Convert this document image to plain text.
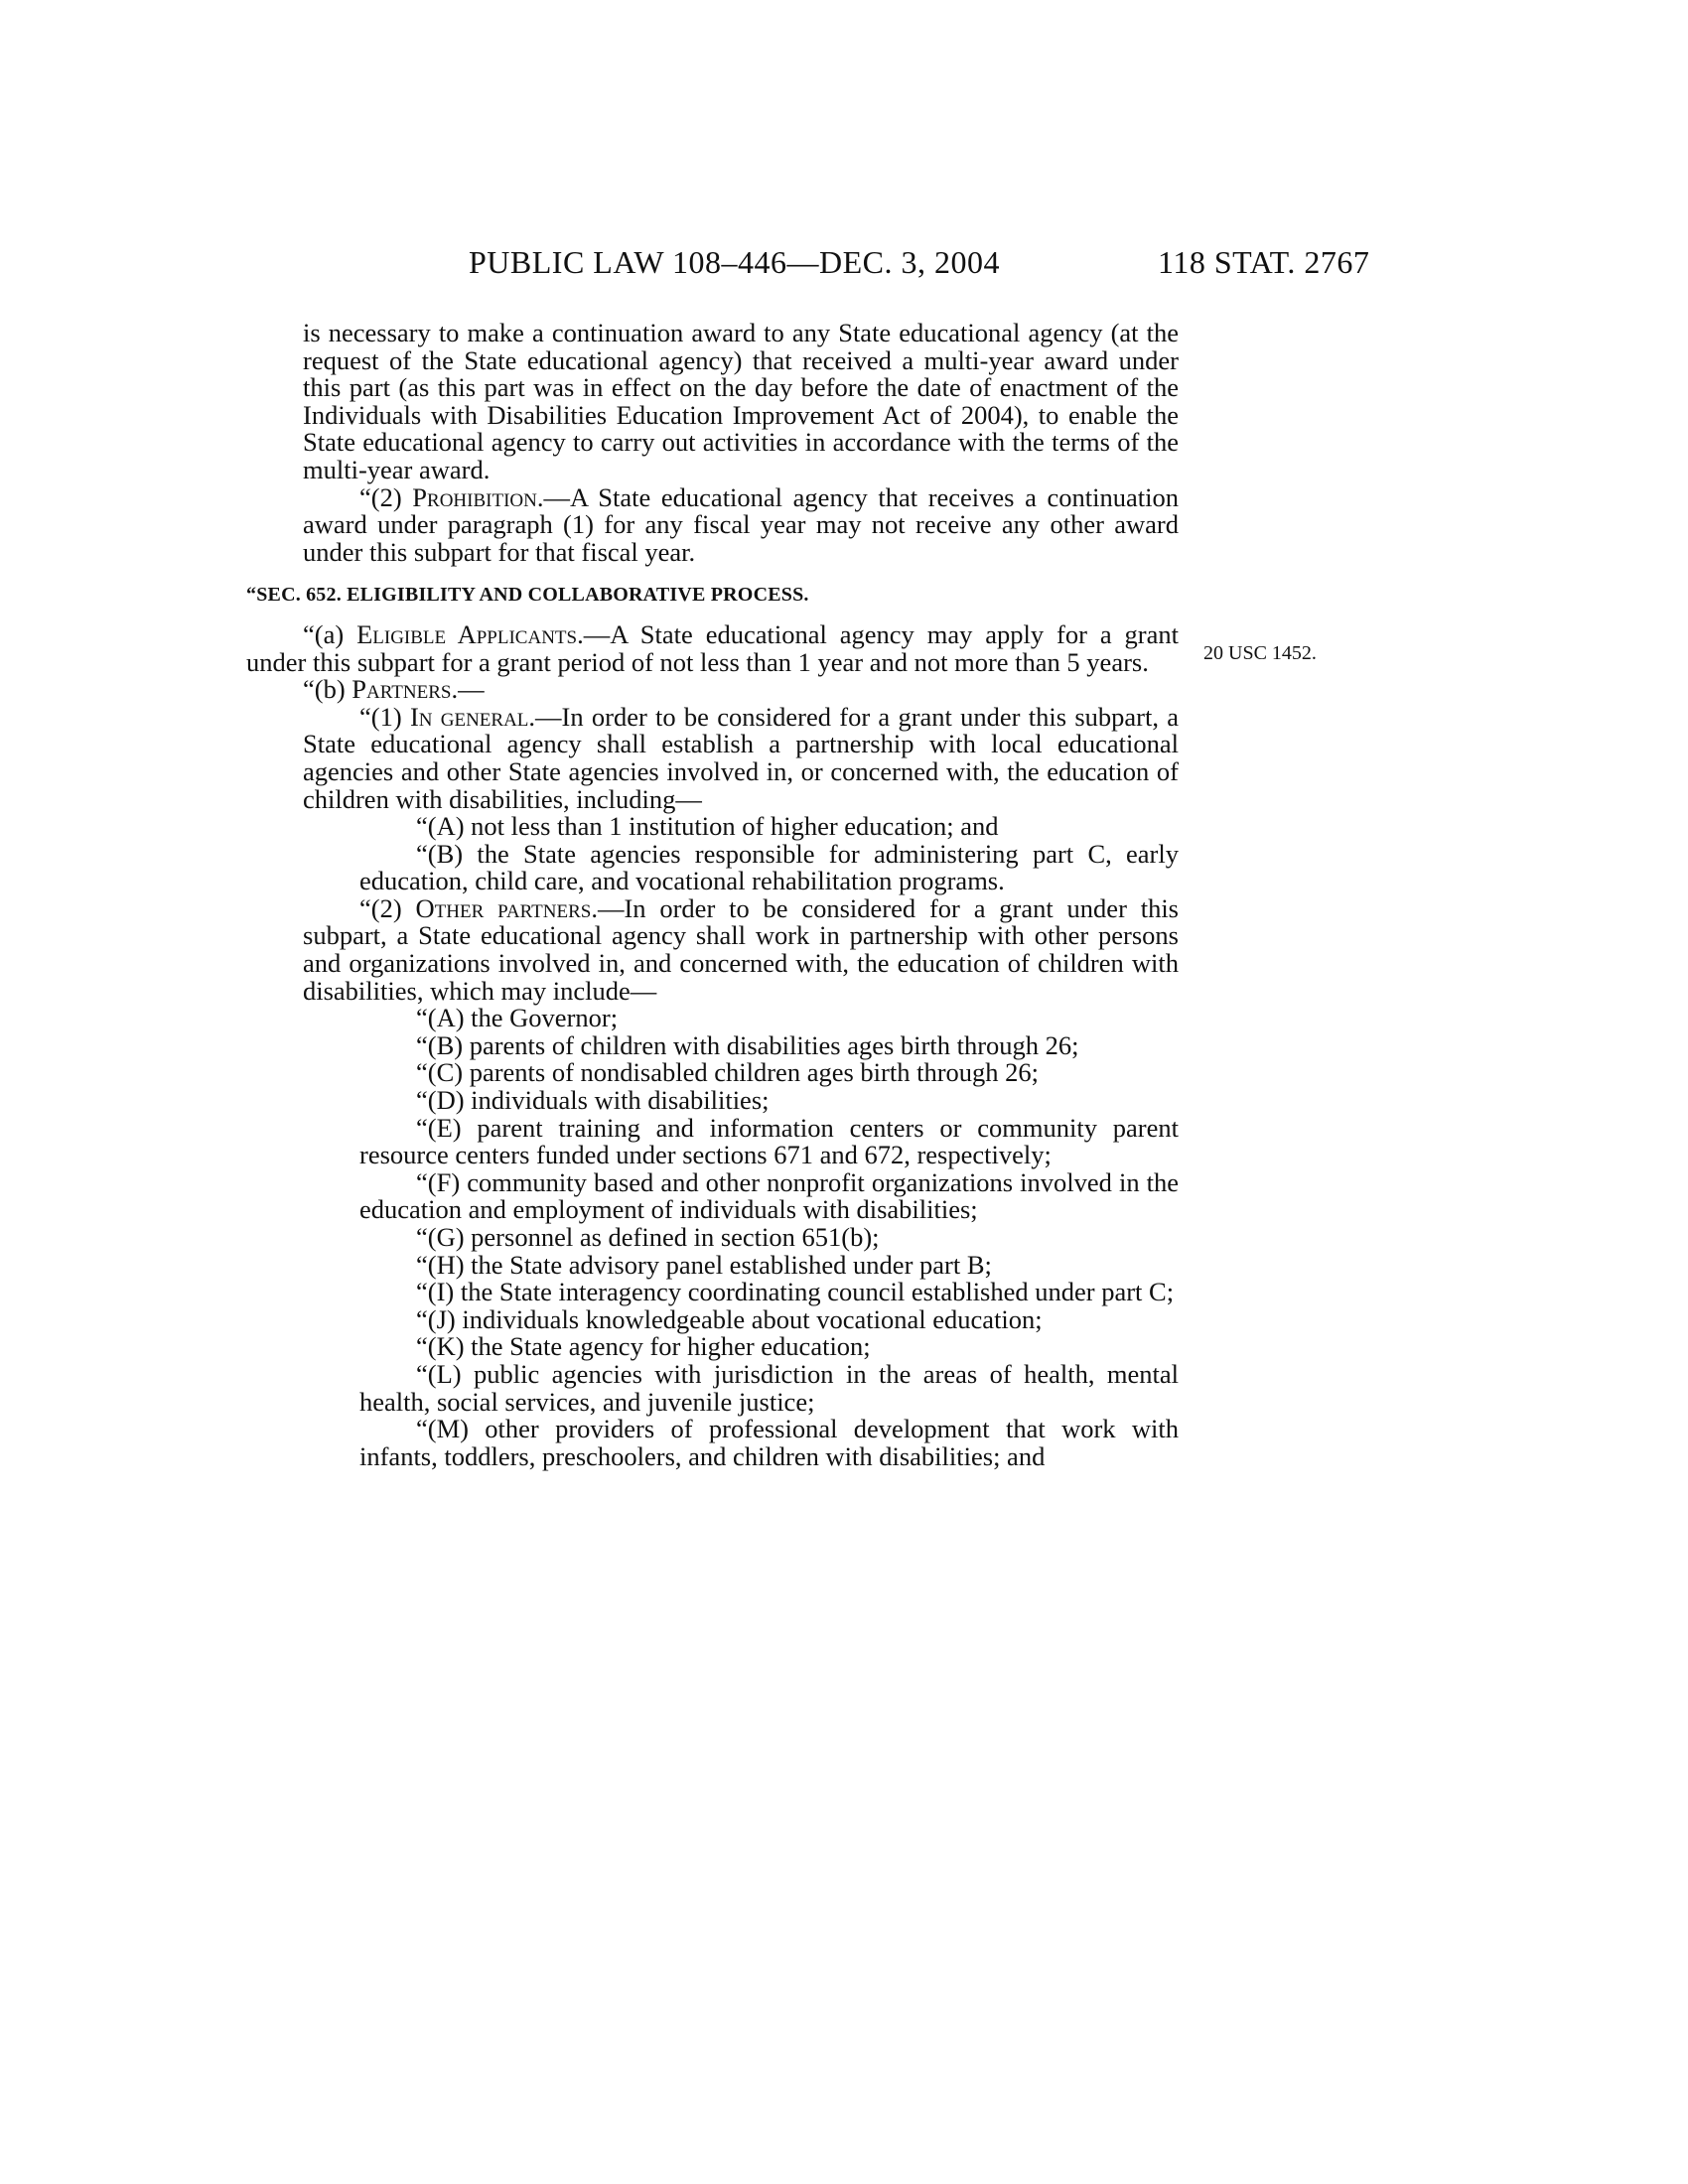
PUBLIC LAW 108–446—DEC. 3, 2004	118 STAT. 2767
20 USC 1452.

is necessary to make a continuation award to any State educational agency (at the request of the State educational agency) that received a multi-year award under this part (as this part was in effect on the day before the date of enactment of the Individuals with Disabilities Education Improvement Act of 2004), to enable the State educational agency to carry out activities in accordance with the terms of the multi-year award.

“(2) Prohibition.—A State educational agency that receives a continuation award under paragraph (1) for any fiscal year may not receive any other award under this subpart for that fiscal year.

“SEC. 652. ELIGIBILITY AND COLLABORATIVE PROCESS.

“(a) Eligible Applicants.—A State educational agency may apply for a grant under this subpart for a grant period of not less than 1 year and not more than 5 years.

“(b) Partners.—

“(1) In general.—In order to be considered for a grant under this subpart, a State educational agency shall establish a partnership with local educational agencies and other State agencies involved in, or concerned with, the education of children with disabilities, including—

“(A) not less than 1 institution of higher education; and

“(B) the State agencies responsible for administering part C, early education, child care, and vocational rehabilitation programs.

“(2) Other partners.—In order to be considered for a grant under this subpart, a State educational agency shall work in partnership with other persons and organizations involved in, and concerned with, the education of children with disabilities, which may include—

“(A) the Governor;

“(B) parents of children with disabilities ages birth through 26;

“(C) parents of nondisabled children ages birth through 26;

“(D) individuals with disabilities;

“(E) parent training and information centers or community parent resource centers funded under sections 671 and 672, respectively;

“(F) community based and other nonprofit organizations involved in the education and employment of individuals with disabilities;

“(G) personnel as defined in section 651(b);

“(H) the State advisory panel established under part B;

“(I) the State interagency coordinating council established under part C;

“(J) individuals knowledgeable about vocational education;

“(K) the State agency for higher education;

“(L) public agencies with jurisdiction in the areas of health, mental health, social services, and juvenile justice;

“(M) other providers of professional development that work with infants, toddlers, preschoolers, and children with disabilities; and
